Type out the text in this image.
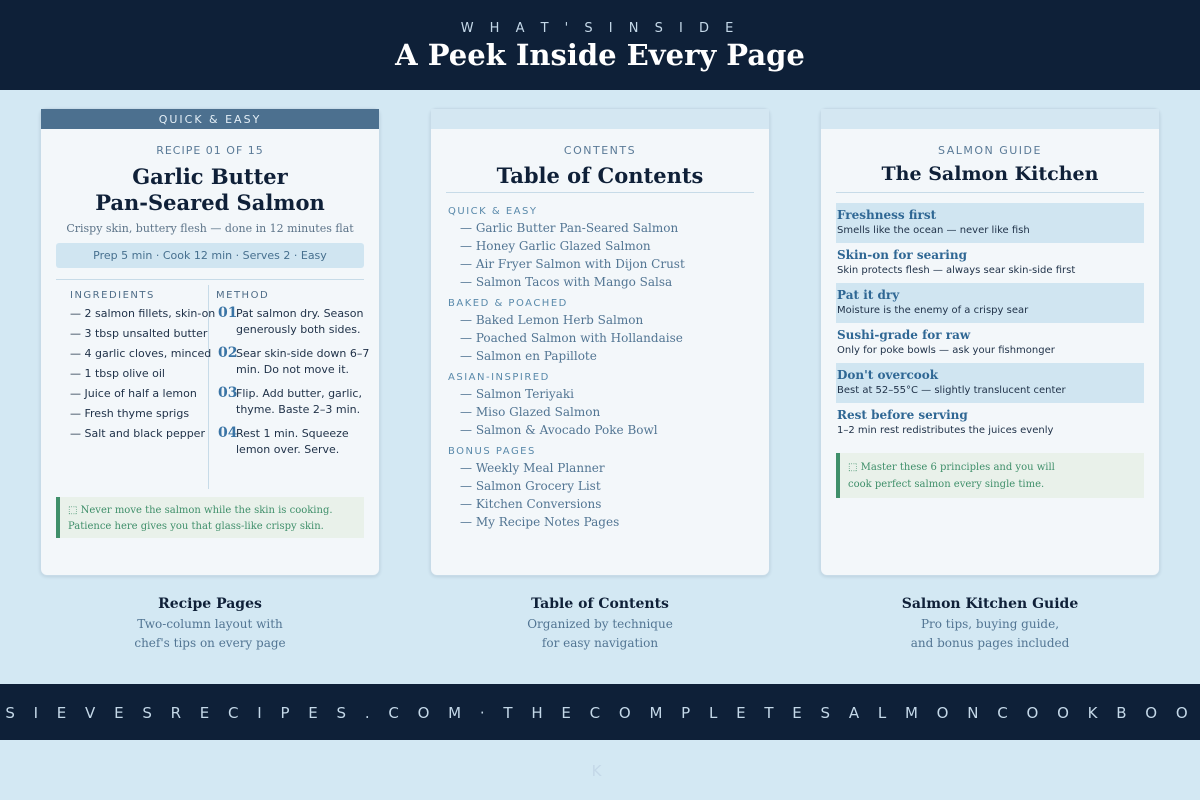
W H A T ' S I N S I D E
A Peek Inside Every Page
QUICK & EASY
RECIPE 01 OF 15
Garlic Butter
Pan-Seared Salmon
Crispy skin, buttery flesh — done in 12 minutes flat
Prep 5 min · Cook 12 min · Serves 2 · Easy
INGREDIENTS	METHOD
— 2 salmon fillets, skin-on
— 3 tbsp unsalted butter
— 4 garlic cloves, minced
— 1 tbsp olive oil
— Juice of half a lemon
— Fresh thyme sprigs
— Salt and black pepper
01
Pat salmon dry. Season generously both sides.
02
Sear skin-side down 6–7 min. Do not move it.
03
Flip. Add butter, garlic, thyme. Baste 2–3 min.
04
Rest 1 min. Squeeze lemon over. Serve.
⬚ Never move the salmon while the skin is cooking.
Patience here gives you that glass-like crispy skin.
CONTENTS
Table of Contents
QUICK & EASY
— Garlic Butter Pan-Seared Salmon
— Honey Garlic Glazed Salmon
— Air Fryer Salmon with Dijon Crust
— Salmon Tacos with Mango Salsa
BAKED & POACHED
— Baked Lemon Herb Salmon
— Poached Salmon with Hollandaise
— Salmon en Papillote
ASIAN-INSPIRED
— Salmon Teriyaki
— Miso Glazed Salmon
— Salmon & Avocado Poke Bowl
BONUS PAGES
— Weekly Meal Planner
— Salmon Grocery List
— Kitchen Conversions
— My Recipe Notes Pages
SALMON GUIDE
The Salmon Kitchen
Freshness first
Smells like the ocean — never like fish
Skin-on for searing
Skin protects flesh — always sear skin-side first
Pat it dry
Moisture is the enemy of a crispy sear
Sushi-grade for raw
Only for poke bowls — ask your fishmonger
Don't overcook
Best at 52–55°C — slightly translucent center
Rest before serving
1–2 min rest redistributes the juices evenly
⬚ Master these 6 principles and you will
cook perfect salmon every single time.
Recipe Pages
Two-column layout with
chef's tips on every page
Table of Contents
Organized by technique
for easy navigation
Salmon Kitchen Guide
Pro tips, buying guide,
and bonus pages included
S I E V E S R E C I P E S . C O M · T H E C O M P L E T E S A L M O N C O O K B O O K
